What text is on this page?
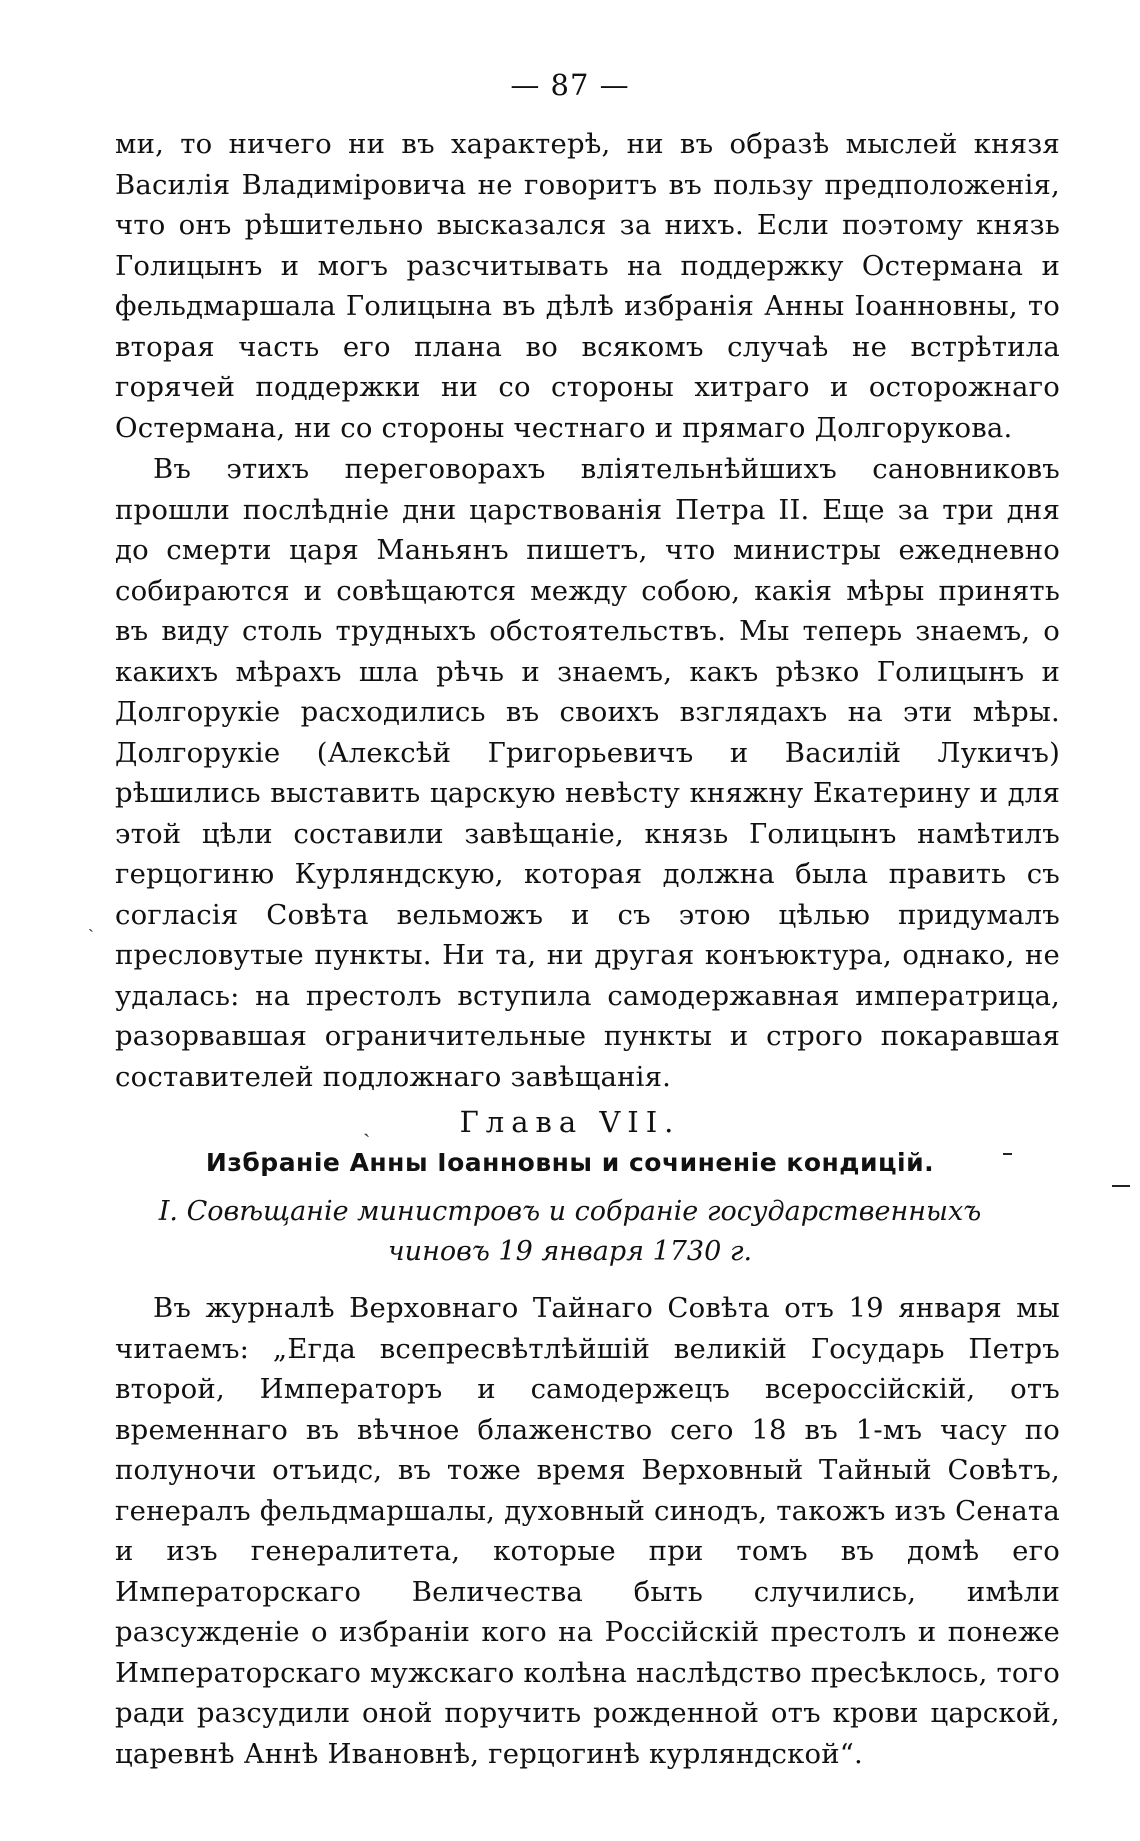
— 87 —

ми, то ничего ни въ характерѣ, ни въ образѣ мыслей князя Василія Владиміровича не говоритъ въ пользу предположенія, что онъ рѣшительно высказался за нихъ. Если поэтому князь Голицынъ и могъ разсчитывать на поддержку Остермана и фельдмаршала Голицына въ дѣлѣ избранія Анны Іоанновны, то вторая часть его плана во всякомъ случаѣ не встрѣтила горячей поддержки ни со стороны хитраго и осторожнаго Остермана, ни со стороны честнаго и прямаго Долгорукова.

Въ этихъ переговорахъ вліятельнѣйшихъ сановниковъ прошли послѣдніе дни царствованія Петра II. Еще за три дня до смерти царя Маньянъ пишетъ, что министры ежедневно собираются и совѣщаются между собою, какія мѣры принять въ виду столь трудныхъ обстоятельствъ. Мы теперь знаемъ, о какихъ мѣрахъ шла рѣчь и знаемъ, какъ рѣзко Голицынъ и Долгорукіе расходились въ своихъ взглядахъ на эти мѣры. Долгорукіе (Алексѣй Григорьевичъ и Василій Лукичъ) рѣшились выставить царскую невѣсту княжну Екатерину и для этой цѣли составили завѣщаніе, князь Голицынъ намѣтилъ герцогиню Курляндскую, которая должна была править съ согласія Совѣта вельможъ и съ этою цѣлью придумалъ пресловутые пункты. Ни та, ни другая конъюктура, однако, не удалась: на престолъ вступила самодержавная императрица, разорвавшая ограничительные пункты и строго покаравшая составителей подложнаго завѣщанія.

ˎ
ˏ	Глава VII.
Избраніе Анны Іоанновны и сочиненіе кондицій.
I. Совѣщаніе министровъ и собраніе государственныхъ чиновъ 19 января 1730 г.

Въ журналѣ Верховнаго Тайнаго Совѣта отъ 19 января мы читаемъ: „Егда всепресвѣтлѣйшій великій Государь Петръ второй, Императоръ и самодержецъ всероссійскій, отъ временнаго въ вѣчное блаженство сего 18 въ 1-мъ часу по полуночи отъидс, въ тоже время Верховный Тайный Совѣтъ, генералъ фельдмаршалы, духовный синодъ, такожъ изъ Сената и изъ генералитета, которые при томъ въ домѣ его Императорскаго Величества быть случились, имѣли разсужденіе о избраніи кого на Россійскій престолъ и понеже Императорскаго мужскаго колѣна наслѣдство пресѣклось, того ради разсудили оной поручить рожденной отъ крови царской, царевнѣ Аннѣ Ивановнѣ, герцогинѣ курляндской“.
